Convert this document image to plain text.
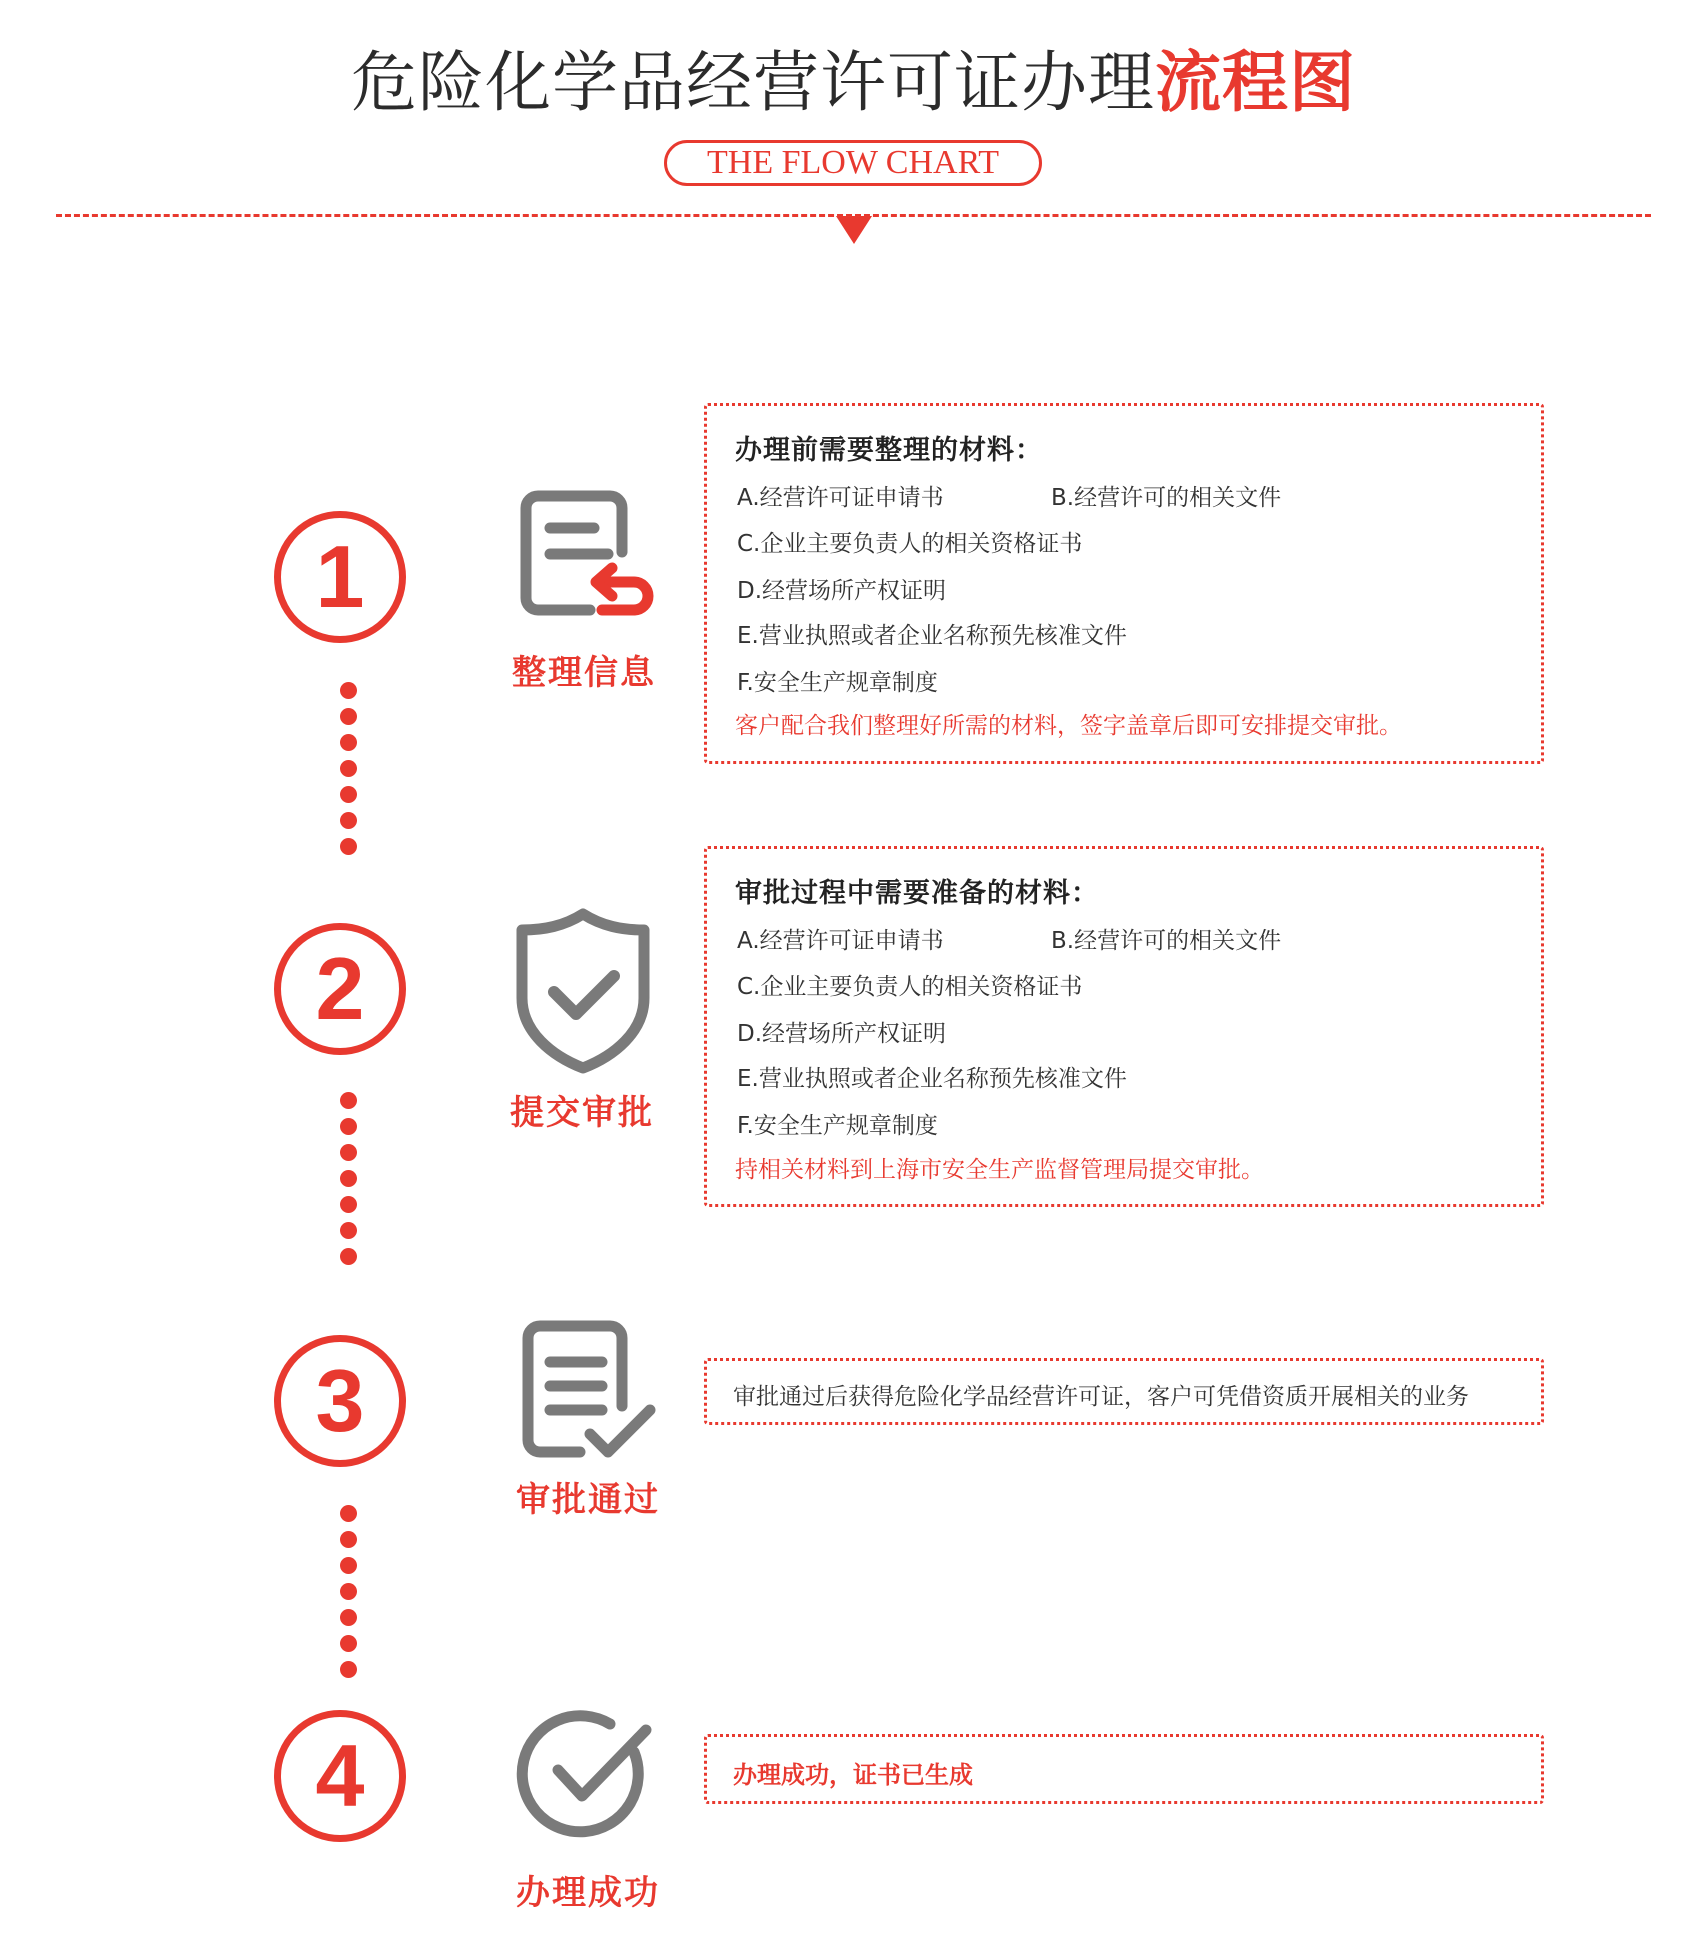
危险化学品经营许可证办理流程图
THE FLOW CHART
1
整理信息
办理前需要整理的材料：
A.经营许可证申请书	B.经营许可的相关文件
C.企业主要负责人的相关资格证书
D.经营场所产权证明
E.营业执照或者企业名称预先核准文件
F.安全生产规章制度
客户配合我们整理好所需的材料，签字盖章后即可安排提交审批。
2
提交审批
审批过程中需要准备的材料：
A.经营许可证申请书	B.经营许可的相关文件
C.企业主要负责人的相关资格证书
D.经营场所产权证明
E.营业执照或者企业名称预先核准文件
F.安全生产规章制度
持相关材料到上海市安全生产监督管理局提交审批。
3
审批通过
审批通过后获得危险化学品经营许可证，客户可凭借资质开展相关的业务
4
办理成功
办理成功，证书已生成
